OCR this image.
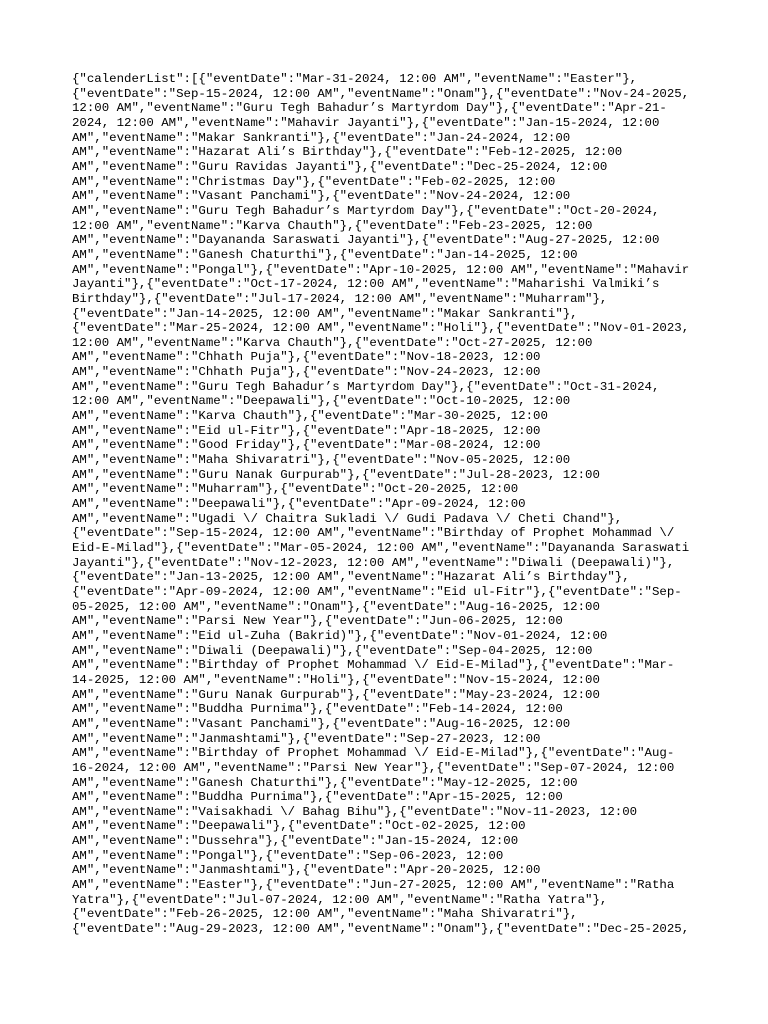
{"calenderList":[{"eventDate":"Mar-31-2024, 12:00 AM","eventName":"Easter"},
{"eventDate":"Sep-15-2024, 12:00 AM","eventName":"Onam"},{"eventDate":"Nov-24-2025,
12:00 AM","eventName":"Guru Tegh Bahadur’s Martyrdom Day"},{"eventDate":"Apr-21-
2024, 12:00 AM","eventName":"Mahavir Jayanti"},{"eventDate":"Jan-15-2024, 12:00
AM","eventName":"Makar Sankranti"},{"eventDate":"Jan-24-2024, 12:00
AM","eventName":"Hazarat Ali’s Birthday"},{"eventDate":"Feb-12-2025, 12:00
AM","eventName":"Guru Ravidas Jayanti"},{"eventDate":"Dec-25-2024, 12:00
AM","eventName":"Christmas Day"},{"eventDate":"Feb-02-2025, 12:00
AM","eventName":"Vasant Panchami"},{"eventDate":"Nov-24-2024, 12:00
AM","eventName":"Guru Tegh Bahadur’s Martyrdom Day"},{"eventDate":"Oct-20-2024,
12:00 AM","eventName":"Karva Chauth"},{"eventDate":"Feb-23-2025, 12:00
AM","eventName":"Dayananda Saraswati Jayanti"},{"eventDate":"Aug-27-2025, 12:00
AM","eventName":"Ganesh Chaturthi"},{"eventDate":"Jan-14-2025, 12:00
AM","eventName":"Pongal"},{"eventDate":"Apr-10-2025, 12:00 AM","eventName":"Mahavir
Jayanti"},{"eventDate":"Oct-17-2024, 12:00 AM","eventName":"Maharishi Valmiki’s
Birthday"},{"eventDate":"Jul-17-2024, 12:00 AM","eventName":"Muharram"},
{"eventDate":"Jan-14-2025, 12:00 AM","eventName":"Makar Sankranti"},
{"eventDate":"Mar-25-2024, 12:00 AM","eventName":"Holi"},{"eventDate":"Nov-01-2023,
12:00 AM","eventName":"Karva Chauth"},{"eventDate":"Oct-27-2025, 12:00
AM","eventName":"Chhath Puja"},{"eventDate":"Nov-18-2023, 12:00
AM","eventName":"Chhath Puja"},{"eventDate":"Nov-24-2023, 12:00
AM","eventName":"Guru Tegh Bahadur’s Martyrdom Day"},{"eventDate":"Oct-31-2024,
12:00 AM","eventName":"Deepawali"},{"eventDate":"Oct-10-2025, 12:00
AM","eventName":"Karva Chauth"},{"eventDate":"Mar-30-2025, 12:00
AM","eventName":"Eid ul-Fitr"},{"eventDate":"Apr-18-2025, 12:00
AM","eventName":"Good Friday"},{"eventDate":"Mar-08-2024, 12:00
AM","eventName":"Maha Shivaratri"},{"eventDate":"Nov-05-2025, 12:00
AM","eventName":"Guru Nanak Gurpurab"},{"eventDate":"Jul-28-2023, 12:00
AM","eventName":"Muharram"},{"eventDate":"Oct-20-2025, 12:00
AM","eventName":"Deepawali"},{"eventDate":"Apr-09-2024, 12:00
AM","eventName":"Ugadi \/ Chaitra Sukladi \/ Gudi Padava \/ Cheti Chand"},
{"eventDate":"Sep-15-2024, 12:00 AM","eventName":"Birthday of Prophet Mohammad \/
Eid-E-Milad"},{"eventDate":"Mar-05-2024, 12:00 AM","eventName":"Dayananda Saraswati
Jayanti"},{"eventDate":"Nov-12-2023, 12:00 AM","eventName":"Diwali (Deepawali)"},
{"eventDate":"Jan-13-2025, 12:00 AM","eventName":"Hazarat Ali’s Birthday"},
{"eventDate":"Apr-09-2024, 12:00 AM","eventName":"Eid ul-Fitr"},{"eventDate":"Sep-
05-2025, 12:00 AM","eventName":"Onam"},{"eventDate":"Aug-16-2025, 12:00
AM","eventName":"Parsi New Year"},{"eventDate":"Jun-06-2025, 12:00
AM","eventName":"Eid ul-Zuha (Bakrid)"},{"eventDate":"Nov-01-2024, 12:00
AM","eventName":"Diwali (Deepawali)"},{"eventDate":"Sep-04-2025, 12:00
AM","eventName":"Birthday of Prophet Mohammad \/ Eid-E-Milad"},{"eventDate":"Mar-
14-2025, 12:00 AM","eventName":"Holi"},{"eventDate":"Nov-15-2024, 12:00
AM","eventName":"Guru Nanak Gurpurab"},{"eventDate":"May-23-2024, 12:00
AM","eventName":"Buddha Purnima"},{"eventDate":"Feb-14-2024, 12:00
AM","eventName":"Vasant Panchami"},{"eventDate":"Aug-16-2025, 12:00
AM","eventName":"Janmashtami"},{"eventDate":"Sep-27-2023, 12:00
AM","eventName":"Birthday of Prophet Mohammad \/ Eid-E-Milad"},{"eventDate":"Aug-
16-2024, 12:00 AM","eventName":"Parsi New Year"},{"eventDate":"Sep-07-2024, 12:00
AM","eventName":"Ganesh Chaturthi"},{"eventDate":"May-12-2025, 12:00
AM","eventName":"Buddha Purnima"},{"eventDate":"Apr-15-2025, 12:00
AM","eventName":"Vaisakhadi \/ Bahag Bihu"},{"eventDate":"Nov-11-2023, 12:00
AM","eventName":"Deepawali"},{"eventDate":"Oct-02-2025, 12:00
AM","eventName":"Dussehra"},{"eventDate":"Jan-15-2024, 12:00
AM","eventName":"Pongal"},{"eventDate":"Sep-06-2023, 12:00
AM","eventName":"Janmashtami"},{"eventDate":"Apr-20-2025, 12:00
AM","eventName":"Easter"},{"eventDate":"Jun-27-2025, 12:00 AM","eventName":"Ratha
Yatra"},{"eventDate":"Jul-07-2024, 12:00 AM","eventName":"Ratha Yatra"},
{"eventDate":"Feb-26-2025, 12:00 AM","eventName":"Maha Shivaratri"},
{"eventDate":"Aug-29-2023, 12:00 AM","eventName":"Onam"},{"eventDate":"Dec-25-2025,
